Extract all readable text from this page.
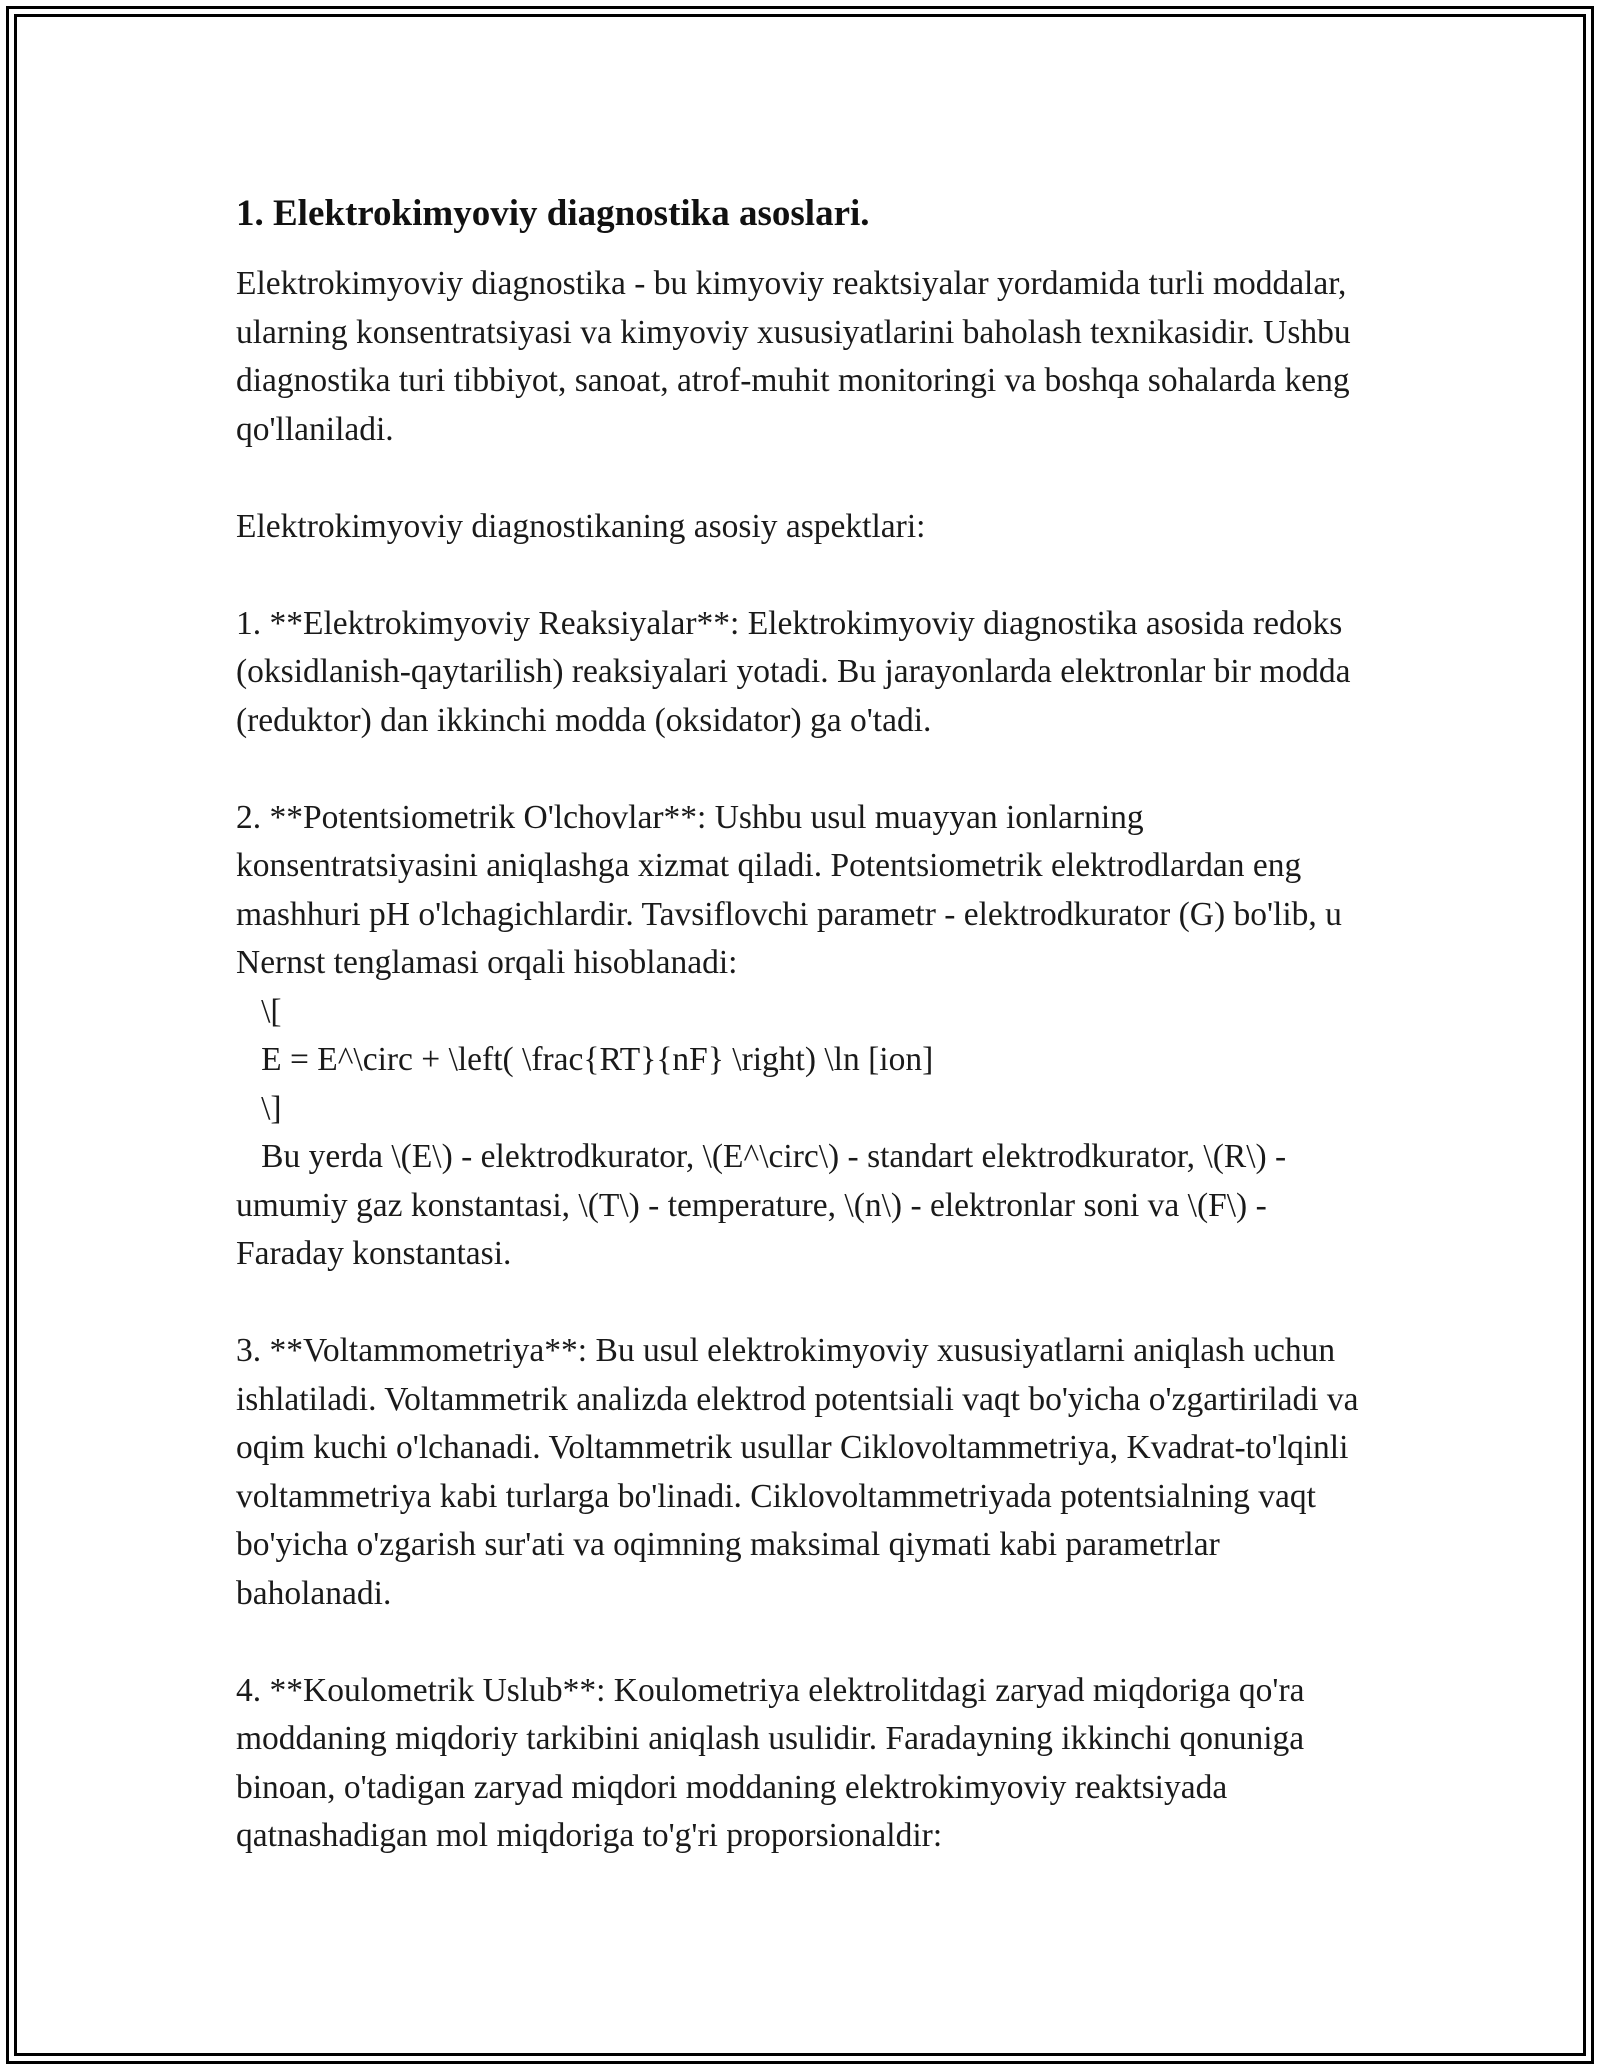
1. Elektrokimyoviy diagnostika asoslari.

Elektrokimyoviy diagnostika - bu kimyoviy reaktsiyalar yordamida turli moddalar, ularning konsentratsiyasi va kimyoviy xususiyatlarini baholash texnikasidir. Ushbu diagnostika turi tibbiyot, sanoat, atrof-muhit monitoringi va boshqa sohalarda keng qo'llaniladi.

Elektrokimyoviy diagnostikaning asosiy aspektlari:

1. **Elektrokimyoviy Reaksiyalar**: Elektrokimyoviy diagnostika asosida redoks (oksidlanish-qaytarilish) reaksiyalari yotadi. Bu jarayonlarda elektronlar bir modda (reduktor) dan ikkinchi modda (oksidator) ga o'tadi.

2. **Potentsiometrik O'lchovlar**: Ushbu usul muayyan ionlarning konsentratsiyasini aniqlashga xizmat qiladi. Potentsiometrik elektrodlardan eng mashhuri pH o'lchagichlardir. Tavsiflovchi parametr - elektrodkurator (G) bo'lib, u Nernst tenglamasi orqali hisoblanadi:

\[

E = E^\circ + \left( \frac{RT}{nF} \right) \ln [ion]

\]

Bu yerda \(E\) - elektrodkurator, \(E^\circ\) - standart elektrodkurator, \(R\) - umumiy gaz konstantasi, \(T\) - temperature, \(n\) - elektronlar soni va \(F\) - Faraday konstantasi.

3. **Voltammometriya**: Bu usul elektrokimyoviy xususiyatlarni aniqlash uchun ishlatiladi. Voltammetrik analizda elektrod potentsiali vaqt bo'yicha o'zgartiriladi va oqim kuchi o'lchanadi. Voltammetrik usullar Ciklovoltammetriya, Kvadrat-to'lqinli voltammetriya kabi turlarga bo'linadi. Ciklovoltammetriyada potentsialning vaqt bo'yicha o'zgarish sur'ati va oqimning maksimal qiymati kabi parametrlar baholanadi.

4. **Koulometrik Uslub**: Koulometriya elektrolitdagi zaryad miqdoriga qo'ra moddaning miqdoriy tarkibini aniqlash usulidir. Faradayning ikkinchi qonuniga binoan, o'tadigan zaryad miqdori moddaning elektrokimyoviy reaktsiyada qatnashadigan mol miqdoriga to'g'ri proporsionaldir:
